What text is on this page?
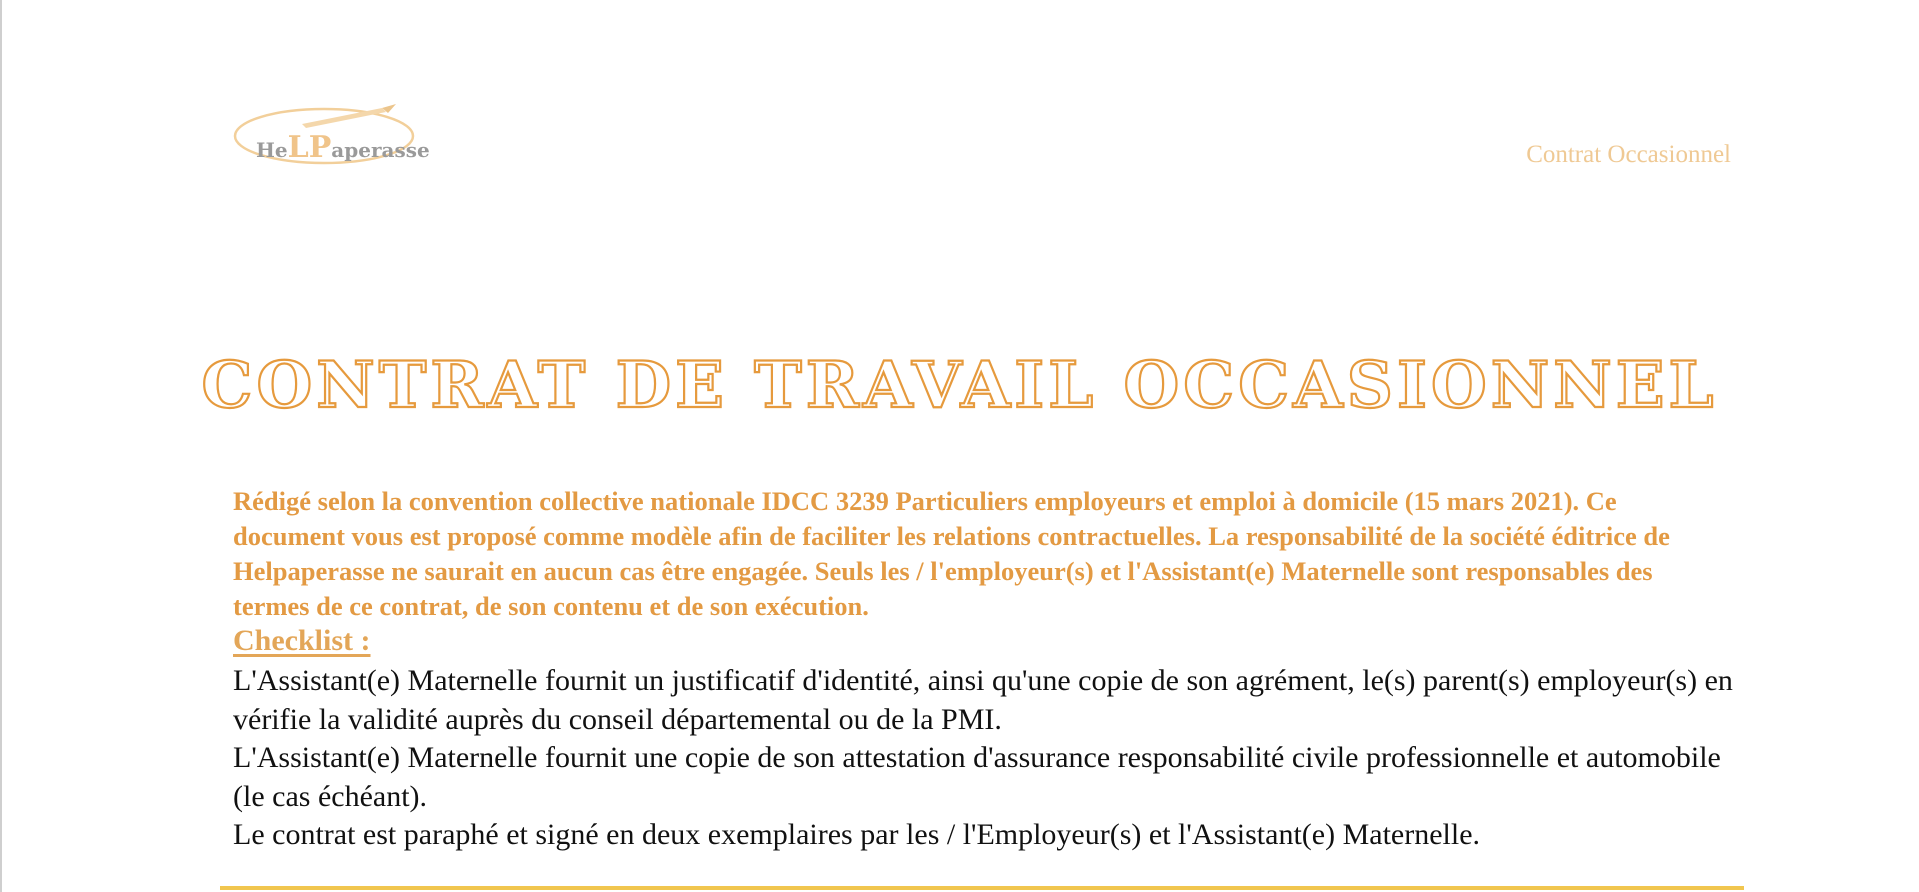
HeLPaperasse	Contrat Occasionnel
CONTRAT DE TRAVAIL OCCASIONNEL
Rédigé selon la convention collective nationale IDCC 3239 Particuliers employeurs et emploi à domicile (15 mars 2021). Ce document vous est proposé comme modèle afin de faciliter les relations contractuelles. La responsabilité de la société éditrice de Helpaperasse ne saurait en aucun cas être engagée. Seuls les / l'employeur(s) et l'Assistant(e) Maternelle sont responsables des termes de ce contrat, de son contenu et de son exécution.
Checklist :

L'Assistant(e) Maternelle fournit un justificatif d'identité, ainsi qu'une copie de son agrément, le(s) parent(s) employeur(s) en vérifie la validité auprès du conseil départemental ou de la PMI.

L'Assistant(e) Maternelle fournit une copie de son attestation d'assurance responsabilité civile professionnelle et automobile (le cas échéant).

Le contrat est paraphé et signé en deux exemplaires par les / l'Employeur(s) et l'Assistant(e) Maternelle.
